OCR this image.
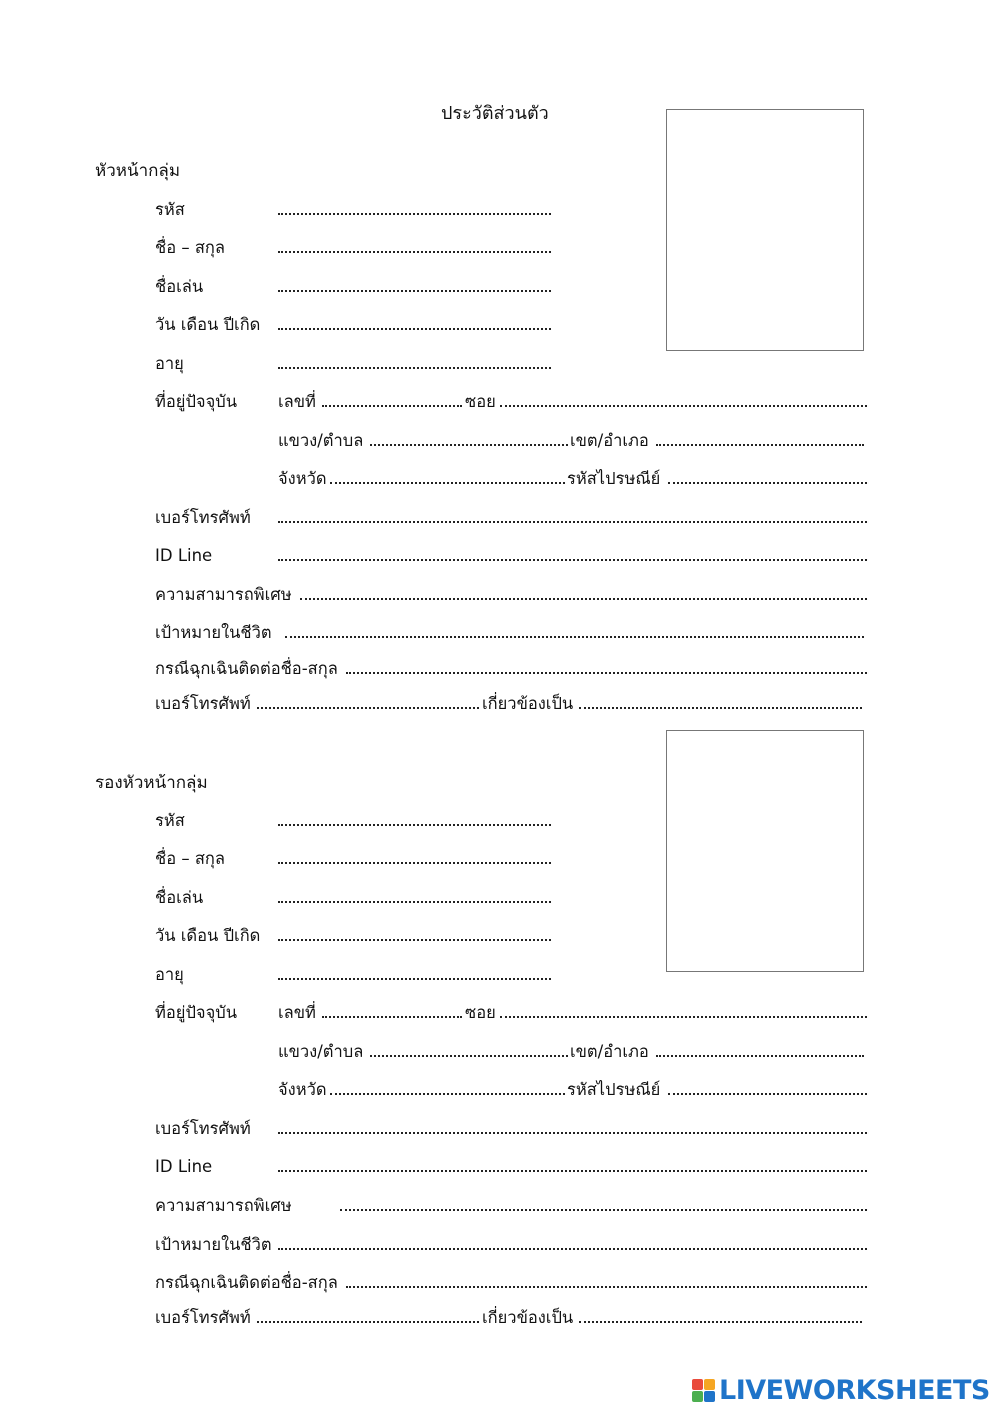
ประวัติส่วนตัว
หัวหน้ากลุ่ม
รหัส
ชื่อ – สกุล
ชื่อเล่น
วัน เดือน ปีเกิด
อายุ
ที่อยู่ปัจจุบัน เลขที่	ซอย
แขวง/ตำบล	เขต/อำเภอ
จังหวัด	รหัสไปรษณีย์
เบอร์โทรศัพท์
ID Line
ความสามารถพิเศษ
เป้าหมายในชีวิต
กรณีฉุกเฉินติดต่อชื่อ-สกุล
เบอร์โทรศัพท์	เกี่ยวข้องเป็น
รองหัวหน้ากลุ่ม
รหัส
ชื่อ – สกุล
ชื่อเล่น
วัน เดือน ปีเกิด
อายุ
ที่อยู่ปัจจุบัน เลขที่	ซอย
แขวง/ตำบล	เขต/อำเภอ
จังหวัด	รหัสไปรษณีย์
เบอร์โทรศัพท์
ID Line
ความสามารถพิเศษ
เป้าหมายในชีวิต
กรณีฉุกเฉินติดต่อชื่อ-สกุล
เบอร์โทรศัพท์	เกี่ยวข้องเป็น
LIVEWORKSHEETS
